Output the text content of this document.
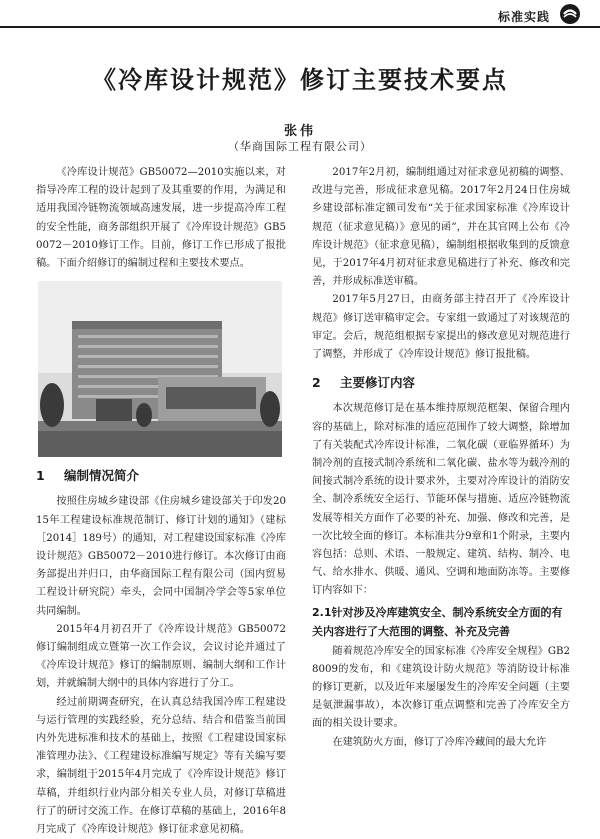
标准实践
《冷库设计规范》修订主要技术要点
张伟
（华商国际工程有限公司）

《冷库设计规范》GB50072—2010实施以来，对指导冷库工程的设计起到了及其重要的作用，为满足和适用我国冷链物流领域高速发展，进一步提高冷库工程的安全性能，商务部组织开展了《冷库设计规范》GB50072－2010修订工作。目前，修订工作已形成了报批稿。下面介绍修订的编制过程和主要技术要点。

1 编制情况简介

按照住房城乡建设部《住房城乡建设部关于印发2015年工程建设标准规范制订、修订计划的通知》（建标［2014］189号）的通知，对工程建设国家标准《冷库设计规范》GB50072－2010进行修订。本次修订由商务部提出并归口，由华商国际工程有限公司（国内贸易工程设计研究院）牵头，会同中国制冷学会等5家单位共同编制。

2015年4月初召开了《冷库设计规范》GB50072修订编制组成立暨第一次工作会议，会议讨论并通过了《冷库设计规范》修订的编制原则、编制大纲和工作计划，并就编制大纲中的具体内容进行了分工。

经过前期调查研究，在认真总结我国冷库工程建设与运行管理的实践经验，充分总结、结合和借鉴当前国内外先进标准和技术的基础上，按照《工程建设国家标准管理办法》、《工程建设标准编写规定》等有关编写要求，编制组于2015年4月完成了《冷库设计规范》修订草稿，并组织行业内部分相关专业人员，对修订草稿进行了的研讨交流工作。在修订草稿的基础上，2016年8月完成了《冷库设计规范》修订征求意见初稿。

2017年2月初，编制组通过对征求意见初稿的调整、改进与完善，形成征求意见稿。2017年2月24日住房城乡建设部标准定额司发布“关于征求国家标准《冷库设计规范（征求意见稿）》意见的函”，并在其官网上公布《冷库设计规范》（征求意见稿），编制组根据收集到的反馈意见，于2017年4月初对征求意见稿进行了补充、修改和完善，并形成标准送审稿。

2017年5月27日，由商务部主持召开了《冷库设计规范》修订送审稿审定会。专家组一致通过了对该规范的审定。会后，规范组根据专家提出的修改意见对规范进行了调整，并形成了《冷库设计规范》修订报批稿。

2 主要修订内容

本次规范修订是在基本维持原规范框架、保留合理内容的基础上，除对标准的适应范围作了较大调整，除增加了有关装配式冷库设计标准，二氧化碳（亚临界循环）为制冷剂的直接式制冷系统和二氧化碳、盐水等为载冷剂的间接式制冷系统的设计要求外，主要对冷库设计的消防安全、制冷系统安全运行、节能环保与措施、适应冷链物流发展等相关方面作了必要的补充、加强、修改和完善，是一次比较全面的修订。本标准共分9章和1个附录，主要内容包括：总则、术语、一般规定、建筑、结构、制冷、电气、给水排水、供暖、通风、空调和地面防冻等。主要修订内容如下：

2.1针对涉及冷库建筑安全、制冷系统安全方面的有关内容进行了大范围的调整、补充及完善

随着规范冷库安全的国家标准《冷库安全规程》GB28009的发布，和《建筑设计防火规范》等消防设计标准的修订更新，以及近年来屡屡发生的冷库安全问题（主要是氨泄漏事故），本次修订重点调整和完善了冷库安全方面的相关设计要求。

在建筑防火方面，修订了冷库冷藏间的最大允许
